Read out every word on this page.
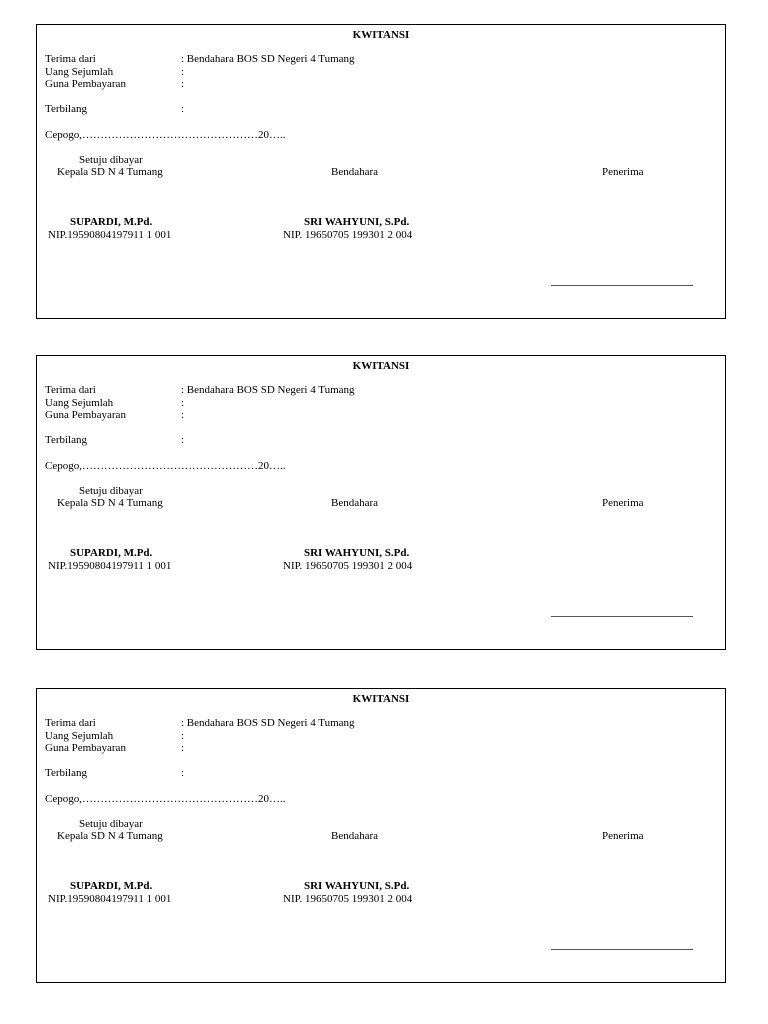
KWITANSI
Terima dari	: Bendahara BOS SD Negeri 4 Tumang
Uang Sejumlah	:
Guna Pembayaran	:
Terbilang	:
Cepogo,…………………………………………20…..
Setuju dibayar
Kepala SD N 4 Tumang	Bendahara	Penerima
SUPARDI, M.Pd.
NIP.19590804197911 1 001
SRI WAHYUNI, S.Pd.
NIP. 19650705 199301 2 004
KWITANSI
Terima dari	: Bendahara BOS SD Negeri 4 Tumang
Uang Sejumlah	:
Guna Pembayaran	:
Terbilang	:
Cepogo,…………………………………………20…..
Setuju dibayar
Kepala SD N 4 Tumang	Bendahara	Penerima
SUPARDI, M.Pd.
NIP.19590804197911 1 001
SRI WAHYUNI, S.Pd.
NIP. 19650705 199301 2 004
KWITANSI
Terima dari	: Bendahara BOS SD Negeri 4 Tumang
Uang Sejumlah	:
Guna Pembayaran	:
Terbilang	:
Cepogo,…………………………………………20…..
Setuju dibayar
Kepala SD N 4 Tumang	Bendahara	Penerima
SUPARDI, M.Pd.
NIP.19590804197911 1 001
SRI WAHYUNI, S.Pd.
NIP. 19650705 199301 2 004
